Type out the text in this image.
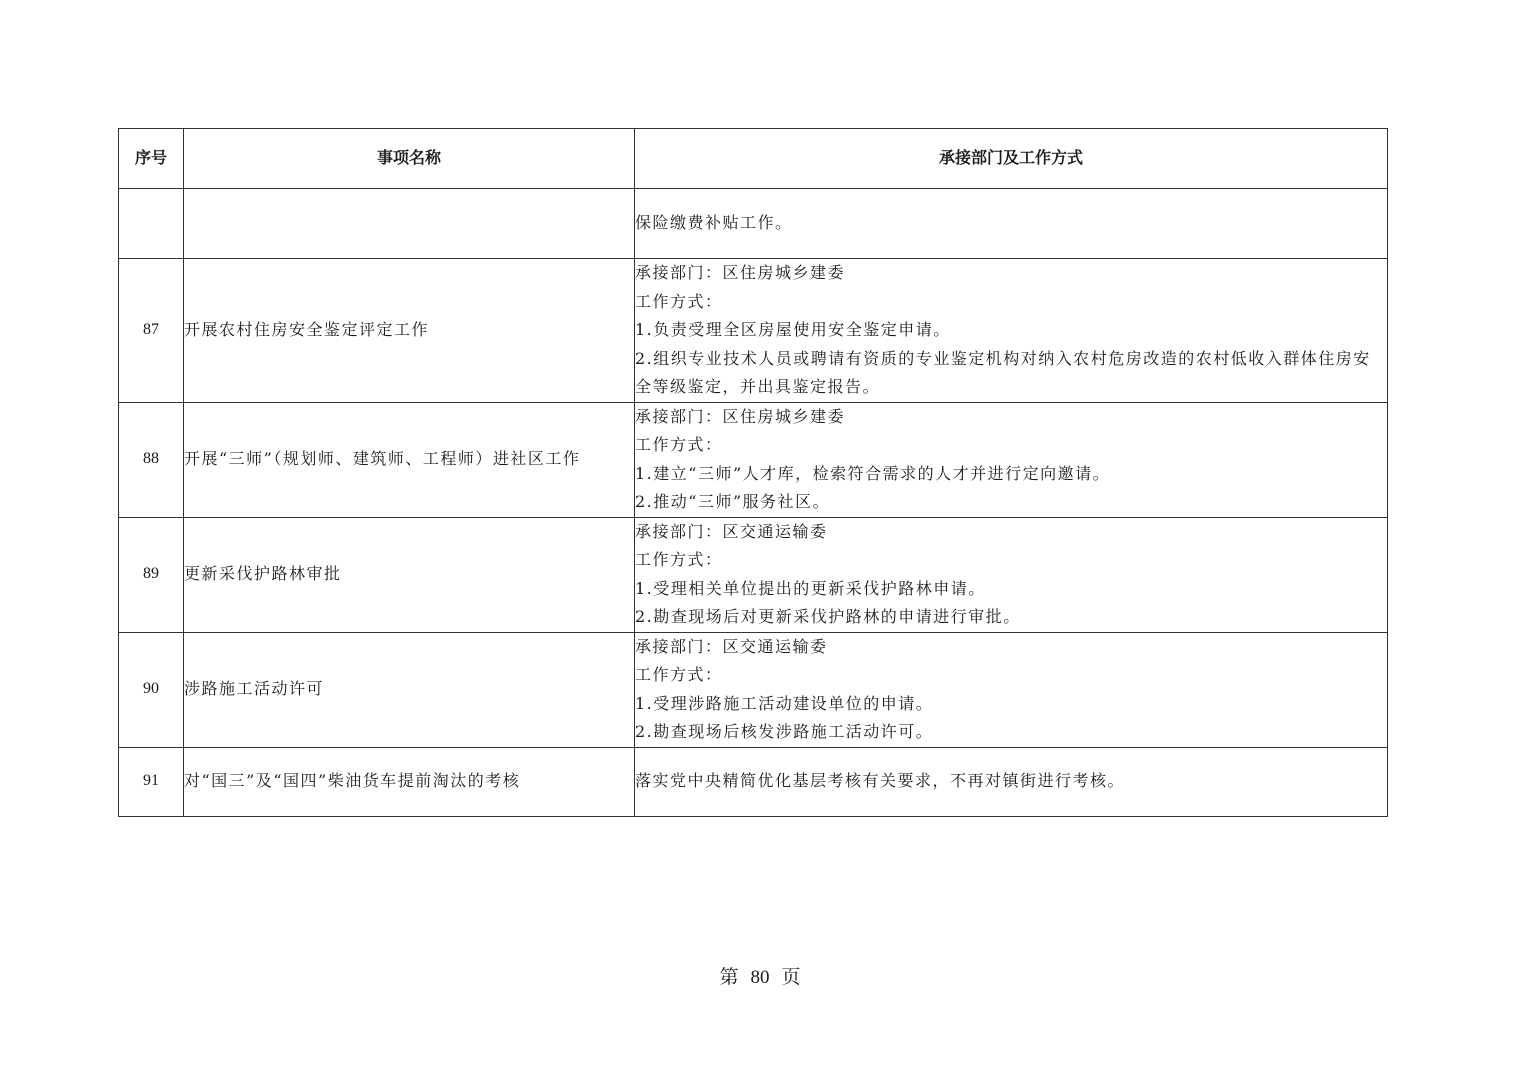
序号	事项名称	承接部门及工作方式

		保险缴费补贴工作。

87	开展农村住房安全鉴定评定工作	承接部门：区住房城乡建委
工作方式：
1.负责受理全区房屋使用安全鉴定申请。
2.组织专业技术人员或聘请有资质的专业鉴定机构对纳入农村危房改造的农村低收入群体住房安全等级鉴定，并出具鉴定报告。

88	开展“三师”（规划师、建筑师、工程师）进社区工作	承接部门：区住房城乡建委
工作方式：
1.建立“三师”人才库，检索符合需求的人才并进行定向邀请。
2.推动“三师”服务社区。

89	更新采伐护路林审批	承接部门：区交通运输委
工作方式：
1.受理相关单位提出的更新采伐护路林申请。
2.勘查现场后对更新采伐护路林的申请进行审批。

90	涉路施工活动许可	承接部门：区交通运输委
工作方式：
1.受理涉路施工活动建设单位的申请。
2.勘查现场后核发涉路施工活动许可。

91	对“国三”及“国四”柴油货车提前淘汰的考核	落实党中央精简优化基层考核有关要求，不再对镇街进行考核。
第 80 页
